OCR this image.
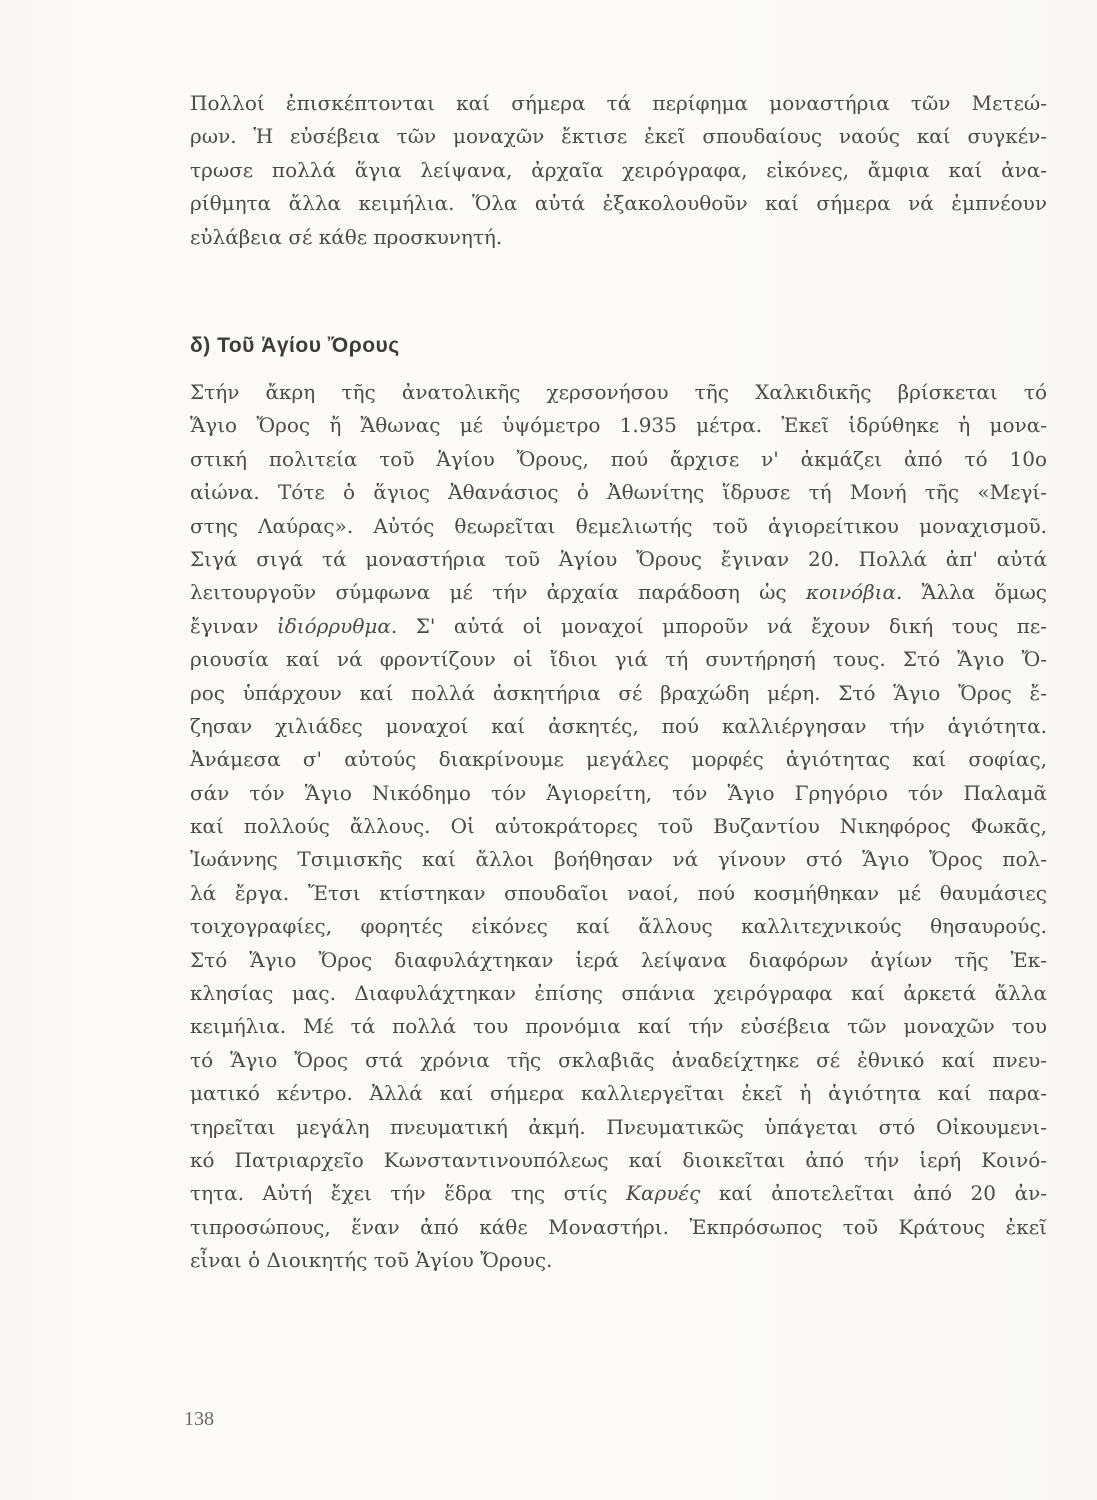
Πολλοί ἐπισκέπτονται καί σήμερα τά περίφημα μοναστήρια τῶν Μετεώ-
ρων. Ἡ εὐσέβεια τῶν μοναχῶν ἔκτισε ἐκεῖ σπουδαίους ναούς καί συγκέν-
τρωσε πολλά ἅγια λείψανα, ἀρχαῖα χειρόγραφα, εἰκόνες, ἄμφια καί ἀνα-
ρίθμητα ἄλλα κειμήλια. Ὅλα αὐτά ἐξακολουθοῦν καί σήμερα νά ἐμπνέουν
εὐλάβεια σέ κάθε προσκυνητή.
δ) Τοῦ Ἁγίου Ὄρους
Στήν ἄκρη τῆς ἀνατολικῆς χερσονήσου τῆς Χαλκιδικῆς βρίσκεται τό
Ἅγιο Ὄρος ἤ Ἄθωνας μέ ὑψόμετρο 1.935 μέτρα. Ἐκεῖ ἱδρύθηκε ἡ μονα-
στική πολιτεία τοῦ Ἁγίου Ὄρους, πού ἄρχισε ν' ἀκμάζει ἀπό τό 10ο
αἰώνα. Τότε ὁ ἅγιος Ἀθανάσιος ὁ Ἀθωνίτης ἵδρυσε τή Μονή τῆς «Μεγί-
στης Λαύρας». Αὐτός θεωρεῖται θεμελιωτής τοῦ ἁγιορείτικου μοναχισμοῦ.
Σιγά σιγά τά μοναστήρια τοῦ Ἁγίου Ὄρους ἔγιναν 20. Πολλά ἀπ' αὐτά
λειτουργοῦν σύμφωνα μέ τήν ἀρχαία παράδοση ὡς κοινόβια. Ἄλλα ὅμως
ἔγιναν ἰδιόρρυθμα. Σ' αὐτά οἱ μοναχοί μποροῦν νά ἔχουν δική τους πε-
ριουσία καί νά φροντίζουν οἱ ἴδιοι γιά τή συντήρησή τους. Στό Ἅγιο Ὄ-
ρος ὑπάρχουν καί πολλά ἀσκητήρια σέ βραχώδη μέρη. Στό Ἅγιο Ὄρος ἔ-
ζησαν χιλιάδες μοναχοί καί ἀσκητές, πού καλλιέργησαν τήν ἁγιότητα.
Ἀνάμεσα σ' αὐτούς διακρίνουμε μεγάλες μορφές ἁγιότητας καί σοφίας,
σάν τόν Ἅγιο Νικόδημο τόν Ἁγιορείτη, τόν Ἅγιο Γρηγόριο τόν Παλαμᾶ
καί πολλούς ἄλλους. Οἱ αὐτοκράτορες τοῦ Βυζαντίου Νικηφόρος Φωκᾶς,
Ἰωάννης Τσιμισκῆς καί ἄλλοι βοήθησαν νά γίνουν στό Ἅγιο Ὄρος πολ-
λά ἔργα. Ἔτσι κτίστηκαν σπουδαῖοι ναοί, πού κοσμήθηκαν μέ θαυμάσιες
τοιχογραφίες, φορητές εἰκόνες καί ἄλλους καλλιτεχνικούς θησαυρούς.
Στό Ἅγιο Ὄρος διαφυλάχτηκαν ἱερά λείψανα διαφόρων ἁγίων τῆς Ἐκ-
κλησίας μας. Διαφυλάχτηκαν ἐπίσης σπάνια χειρόγραφα καί ἀρκετά ἄλλα
κειμήλια. Μέ τά πολλά του προνόμια καί τήν εὐσέβεια τῶν μοναχῶν του
τό Ἅγιο Ὄρος στά χρόνια τῆς σκλαβιᾶς ἀναδείχτηκε σέ ἐθνικό καί πνευ-
ματικό κέντρο. Ἀλλά καί σήμερα καλλιεργεῖται ἐκεῖ ἡ ἁγιότητα καί παρα-
τηρεῖται μεγάλη πνευματική ἀκμή. Πνευματικῶς ὑπάγεται στό Οἰκουμενι-
κό Πατριαρχεῖο Κωνσταντινουπόλεως καί διοικεῖται ἀπό τήν ἱερή Κοινό-
τητα. Αὐτή ἔχει τήν ἕδρα της στίς Καρυές καί ἀποτελεῖται ἀπό 20 ἀν-
τιπροσώπους, ἕναν ἀπό κάθε Μοναστήρι. Ἐκπρόσωπος τοῦ Κράτους ἐκεῖ
εἶναι ὁ Διοικητής τοῦ Ἁγίου Ὄρους.
138
